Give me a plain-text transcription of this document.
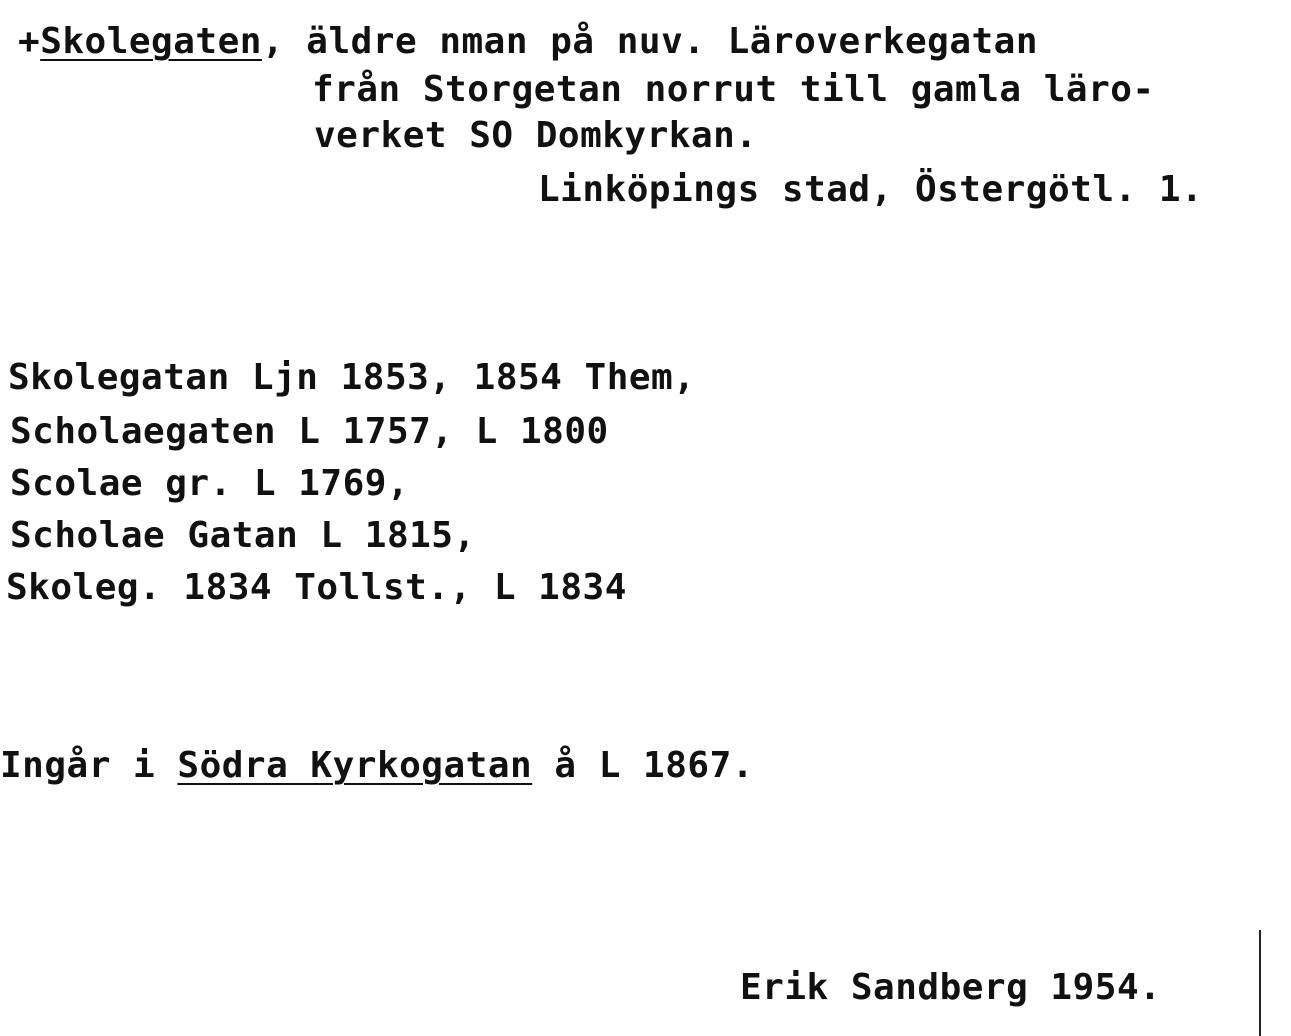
+Skolegaten, äldre nman på nuv. Läroverkegatan
från Storgetan norrut till gamla läro-
verket SO Domkyrkan.
Linköpings stad, Östergötl. 1.
Skolegatan Ljn 1853, 1854 Them,
Scholaegaten L 1757, L 1800
Scolae gr. L 1769,
Scholae Gatan L 1815,
Skoleg. 1834 Tollst., L 1834
Ingår i Södra Kyrkogatan å L 1867.
Erik Sandberg 1954.
